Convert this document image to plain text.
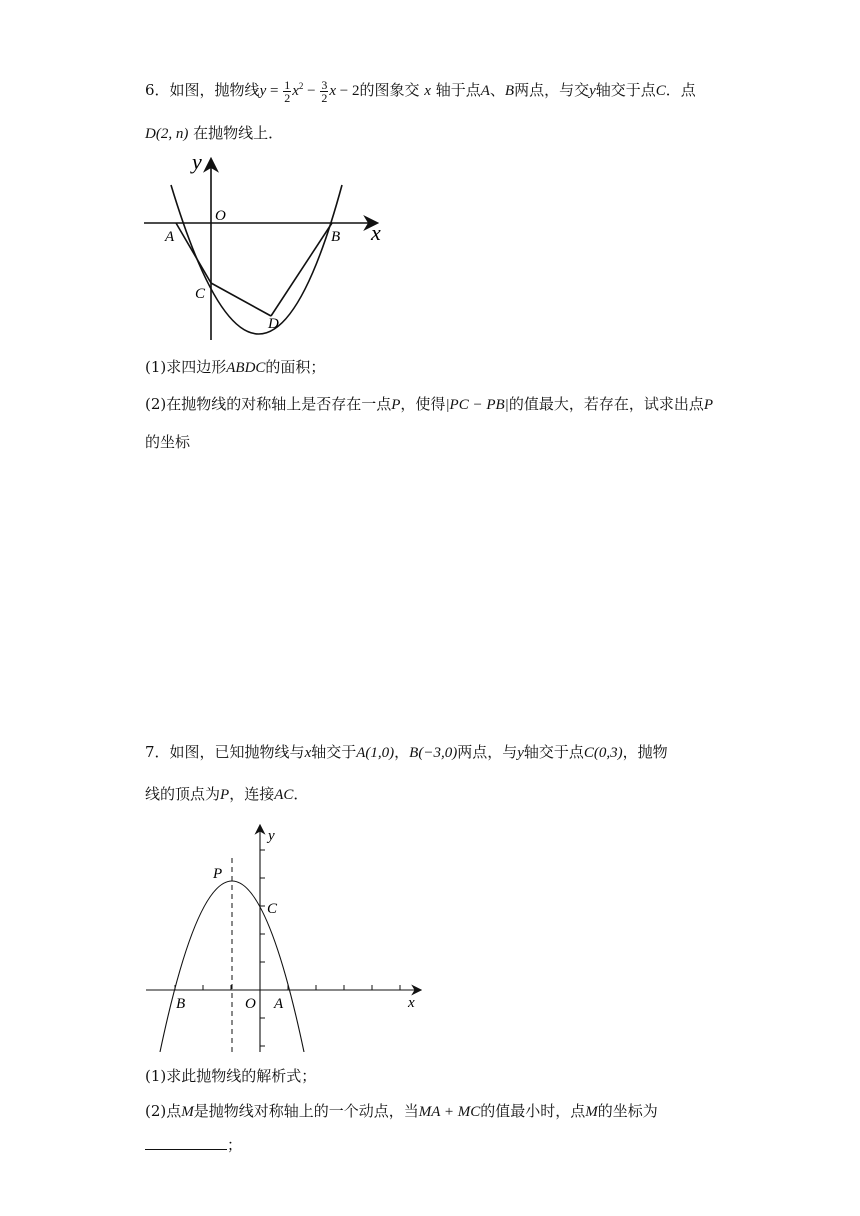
6．如图，抛物线$y = \frac{1}{2} x^2 - \frac{3}{2}$ x − 2的图象交 x 轴于点A、B两点，与交y轴交于点C．点
D(2, n) 在抛物线上．
y
x
O
A	B
C
D
(1)求四边形ABDC的面积；
(2)在抛物线的对称轴上是否存在一点P，使得|PC − PB|的值最大，若存在，试求出点P
的坐标
7．如图，已知抛物线与x轴交于A(1,0)，B(−3,0)两点，与y轴交于点C(0,3)，抛物
线的顶点为P，连接AC．
y
x
P
C
B	O A
(1)求此抛物线的解析式；
(2)点M是抛物线对称轴上的一个动点，当MA + MC的值最小时，点M的坐标为
；
